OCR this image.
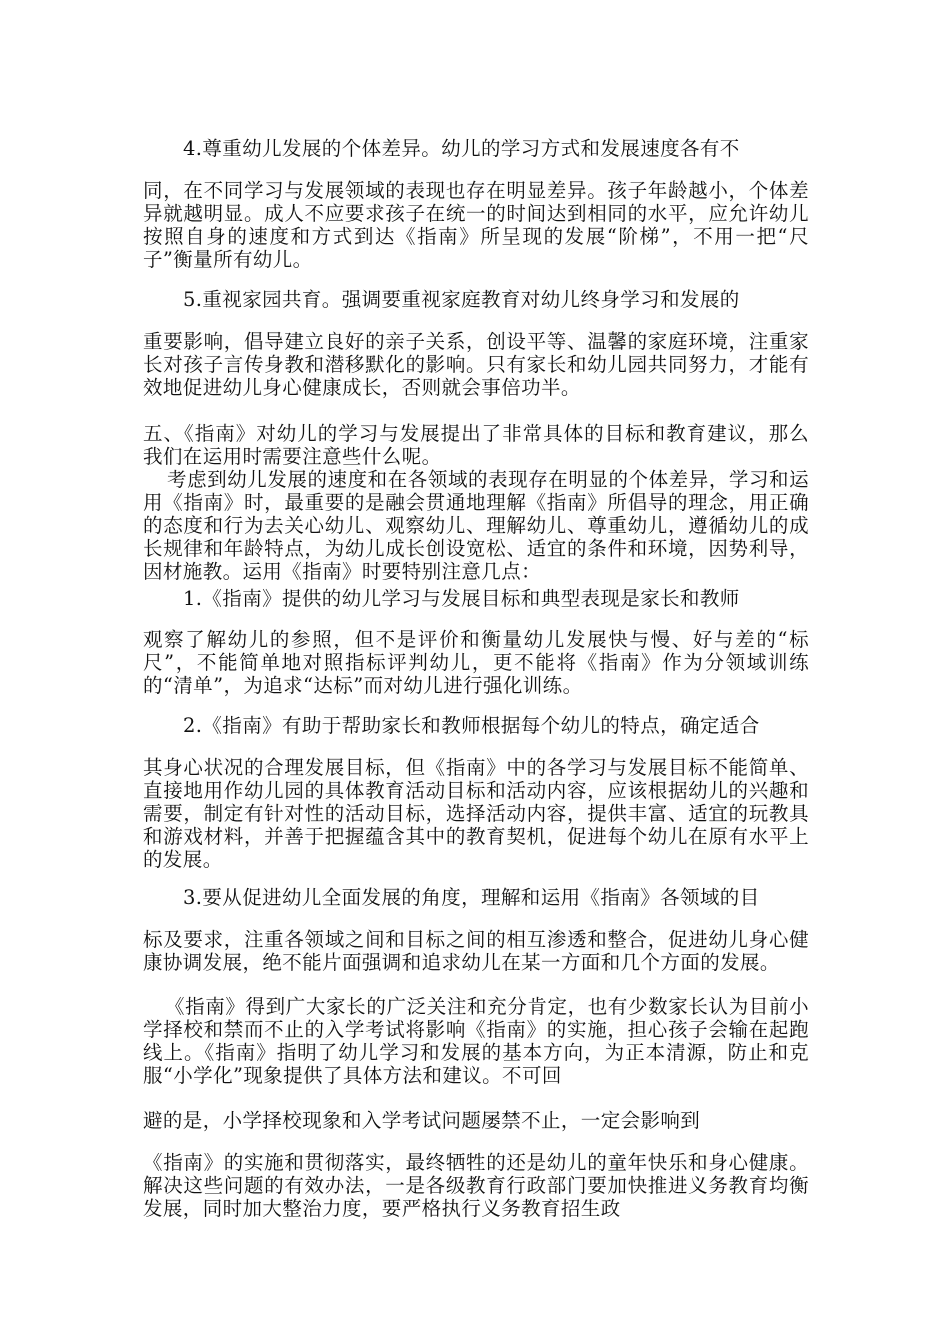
4.尊重幼儿发展的个体差异。幼儿的学习方式和发展速度各有不

同，在不同学习与发展领域的表现也存在明显差异。孩子年龄越小，个体差异就越明显。成人不应要求孩子在统一的时间达到相同的水平，应允许幼儿按照自身的速度和方式到达《指南》所呈现的发展“阶梯”，不用一把“尺子”衡量所有幼儿。

5.重视家园共育。强调要重视家庭教育对幼儿终身学习和发展的

重要影响，倡导建立良好的亲子关系，创设平等、温馨的家庭环境，注重家长对孩子言传身教和潜移默化的影响。只有家长和幼儿园共同努力，才能有效地促进幼儿身心健康成长，否则就会事倍功半。

五、《指南》对幼儿的学习与发展提出了非常具体的目标和教育建议，那么我们在运用时需要注意些什么呢。

考虑到幼儿发展的速度和在各领域的表现存在明显的个体差异，学习和运用《指南》时，最重要的是融会贯通地理解《指南》所倡导的理念，用正确的态度和行为去关心幼儿、观察幼儿、理解幼儿、尊重幼儿，遵循幼儿的成长规律和年龄特点，为幼儿成长创设宽松、适宜的条件和环境，因势利导，因材施教。运用《指南》时要特别注意几点：

1.《指南》提供的幼儿学习与发展目标和典型表现是家长和教师

观察了解幼儿的参照，但不是评价和衡量幼儿发展快与慢、好与差的“标尺”，不能简单地对照指标评判幼儿，更不能将《指南》作为分领域训练的“清单”，为追求“达标”而对幼儿进行强化训练。

2.《指南》有助于帮助家长和教师根据每个幼儿的特点，确定适合

其身心状况的合理发展目标，但《指南》中的各学习与发展目标不能简单、直接地用作幼儿园的具体教育活动目标和活动内容，应该根据幼儿的兴趣和需要，制定有针对性的活动目标，选择活动内容，提供丰富、适宜的玩教具和游戏材料，并善于把握蕴含其中的教育契机，促进每个幼儿在原有水平上的发展。

3.要从促进幼儿全面发展的角度，理解和运用《指南》各领域的目

标及要求，注重各领域之间和目标之间的相互渗透和整合，促进幼儿身心健康协调发展，绝不能片面强调和追求幼儿在某一方面和几个方面的发展。

《指南》得到广大家长的广泛关注和充分肯定，也有少数家长认为目前小学择校和禁而不止的入学考试将影响《指南》的实施，担心孩子会输在起跑线上。《指南》指明了幼儿学习和发展的基本方向，为正本清源，防止和克服“小学化”现象提供了具体方法和建议。不可回

避的是，小学择校现象和入学考试问题屡禁不止，一定会影响到

《指南》的实施和贯彻落实，最终牺牲的还是幼儿的童年快乐和身心健康。解决这些问题的有效办法，一是各级教育行政部门要加快推进义务教育均衡发展，同时加大整治力度，要严格执行义务教育招生政
